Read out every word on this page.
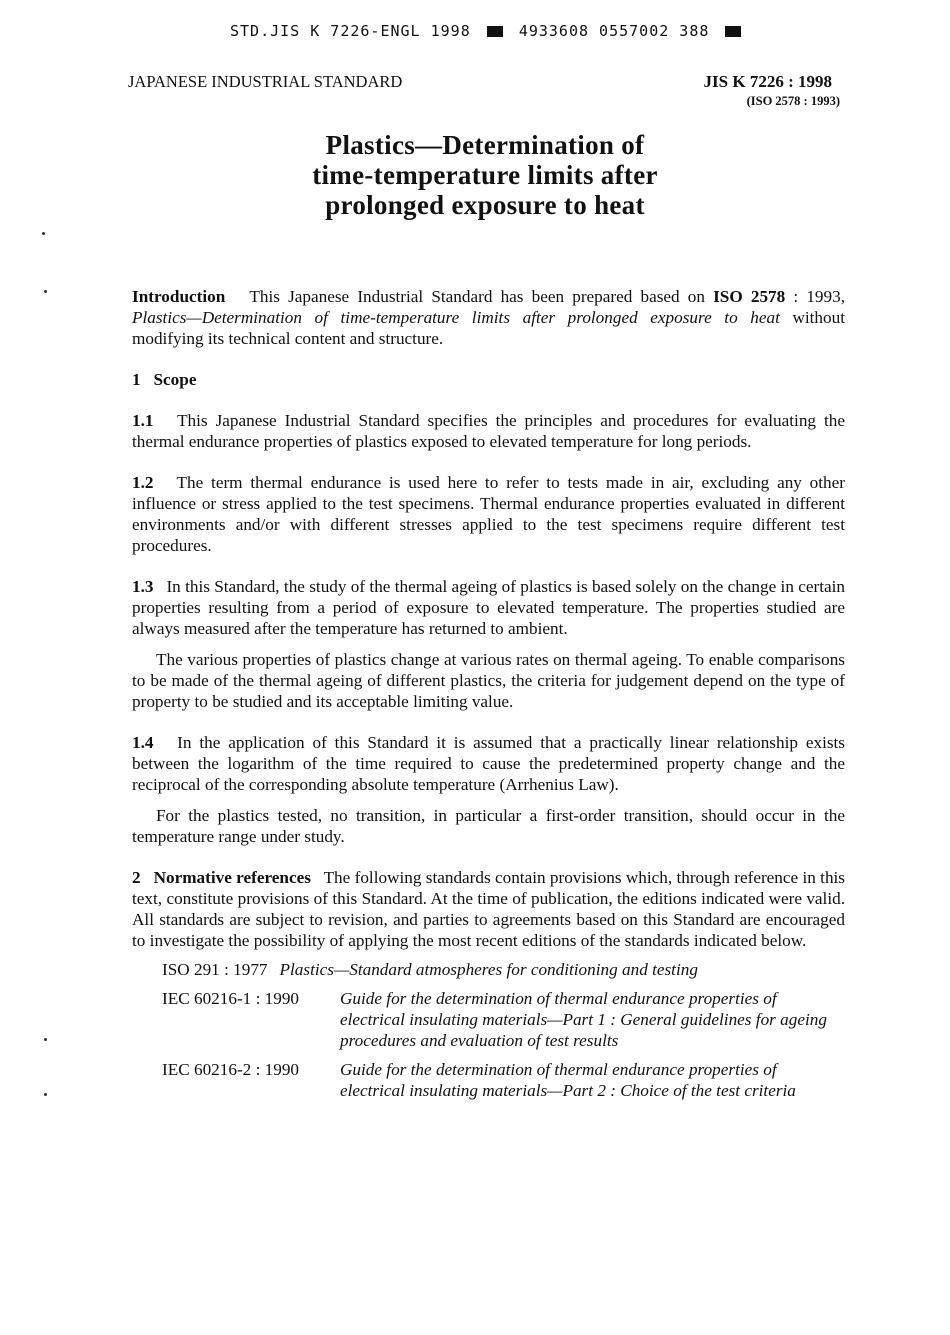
STD.JIS K 7226-ENGL 1998	4933608 0557002 388
JAPANESE INDUSTRIAL STANDARD	JIS K 7226 : 1998
(ISO 2578 : 1993)
Plastics—Determination of
time-temperature limits after
prolonged exposure to heat

Introduction This Japanese Industrial Standard has been prepared based on ISO 2578 : 1993, Plastics—Determination of time-temperature limits after prolonged exposure to heat without modifying its technical content and structure.

1 Scope

1.1 This Japanese Industrial Standard specifies the principles and procedures for evaluating the thermal endurance properties of plastics exposed to elevated temperature for long periods.

1.2 The term thermal endurance is used here to refer to tests made in air, excluding any other influence or stress applied to the test specimens. Thermal endurance properties evaluated in different environments and/or with different stresses applied to the test specimens require different test procedures.

1.3 In this Standard, the study of the thermal ageing of plastics is based solely on the change in certain properties resulting from a period of exposure to elevated temperature. The properties studied are always measured after the temperature has returned to ambient.

The various properties of plastics change at various rates on thermal ageing. To enable comparisons to be made of the thermal ageing of different plastics, the criteria for judgement depend on the type of property to be studied and its acceptable limiting value.

1.4 In the application of this Standard it is assumed that a practically linear relationship exists between the logarithm of the time required to cause the predetermined property change and the reciprocal of the corresponding absolute temperature (Arrhenius Law).

For the plastics tested, no transition, in particular a first-order transition, should occur in the temperature range under study.

2 Normative references The following standards contain provisions which, through reference in this text, constitute provisions of this Standard. At the time of publication, the editions indicated were valid. All standards are subject to revision, and parties to agreements based on this Standard are encouraged to investigate the possibility of applying the most recent editions of the standards indicated below.

ISO 291 : 1977 Plastics—Standard atmospheres for conditioning and testing
IEC 60216-1 : 1990	Guide for the determination of thermal endurance properties of electrical insulating materials—Part 1 : General guidelines for ageing procedures and evaluation of test results
IEC 60216-2 : 1990	Guide for the determination of thermal endurance properties of electrical insulating materials—Part 2 : Choice of the test criteria
